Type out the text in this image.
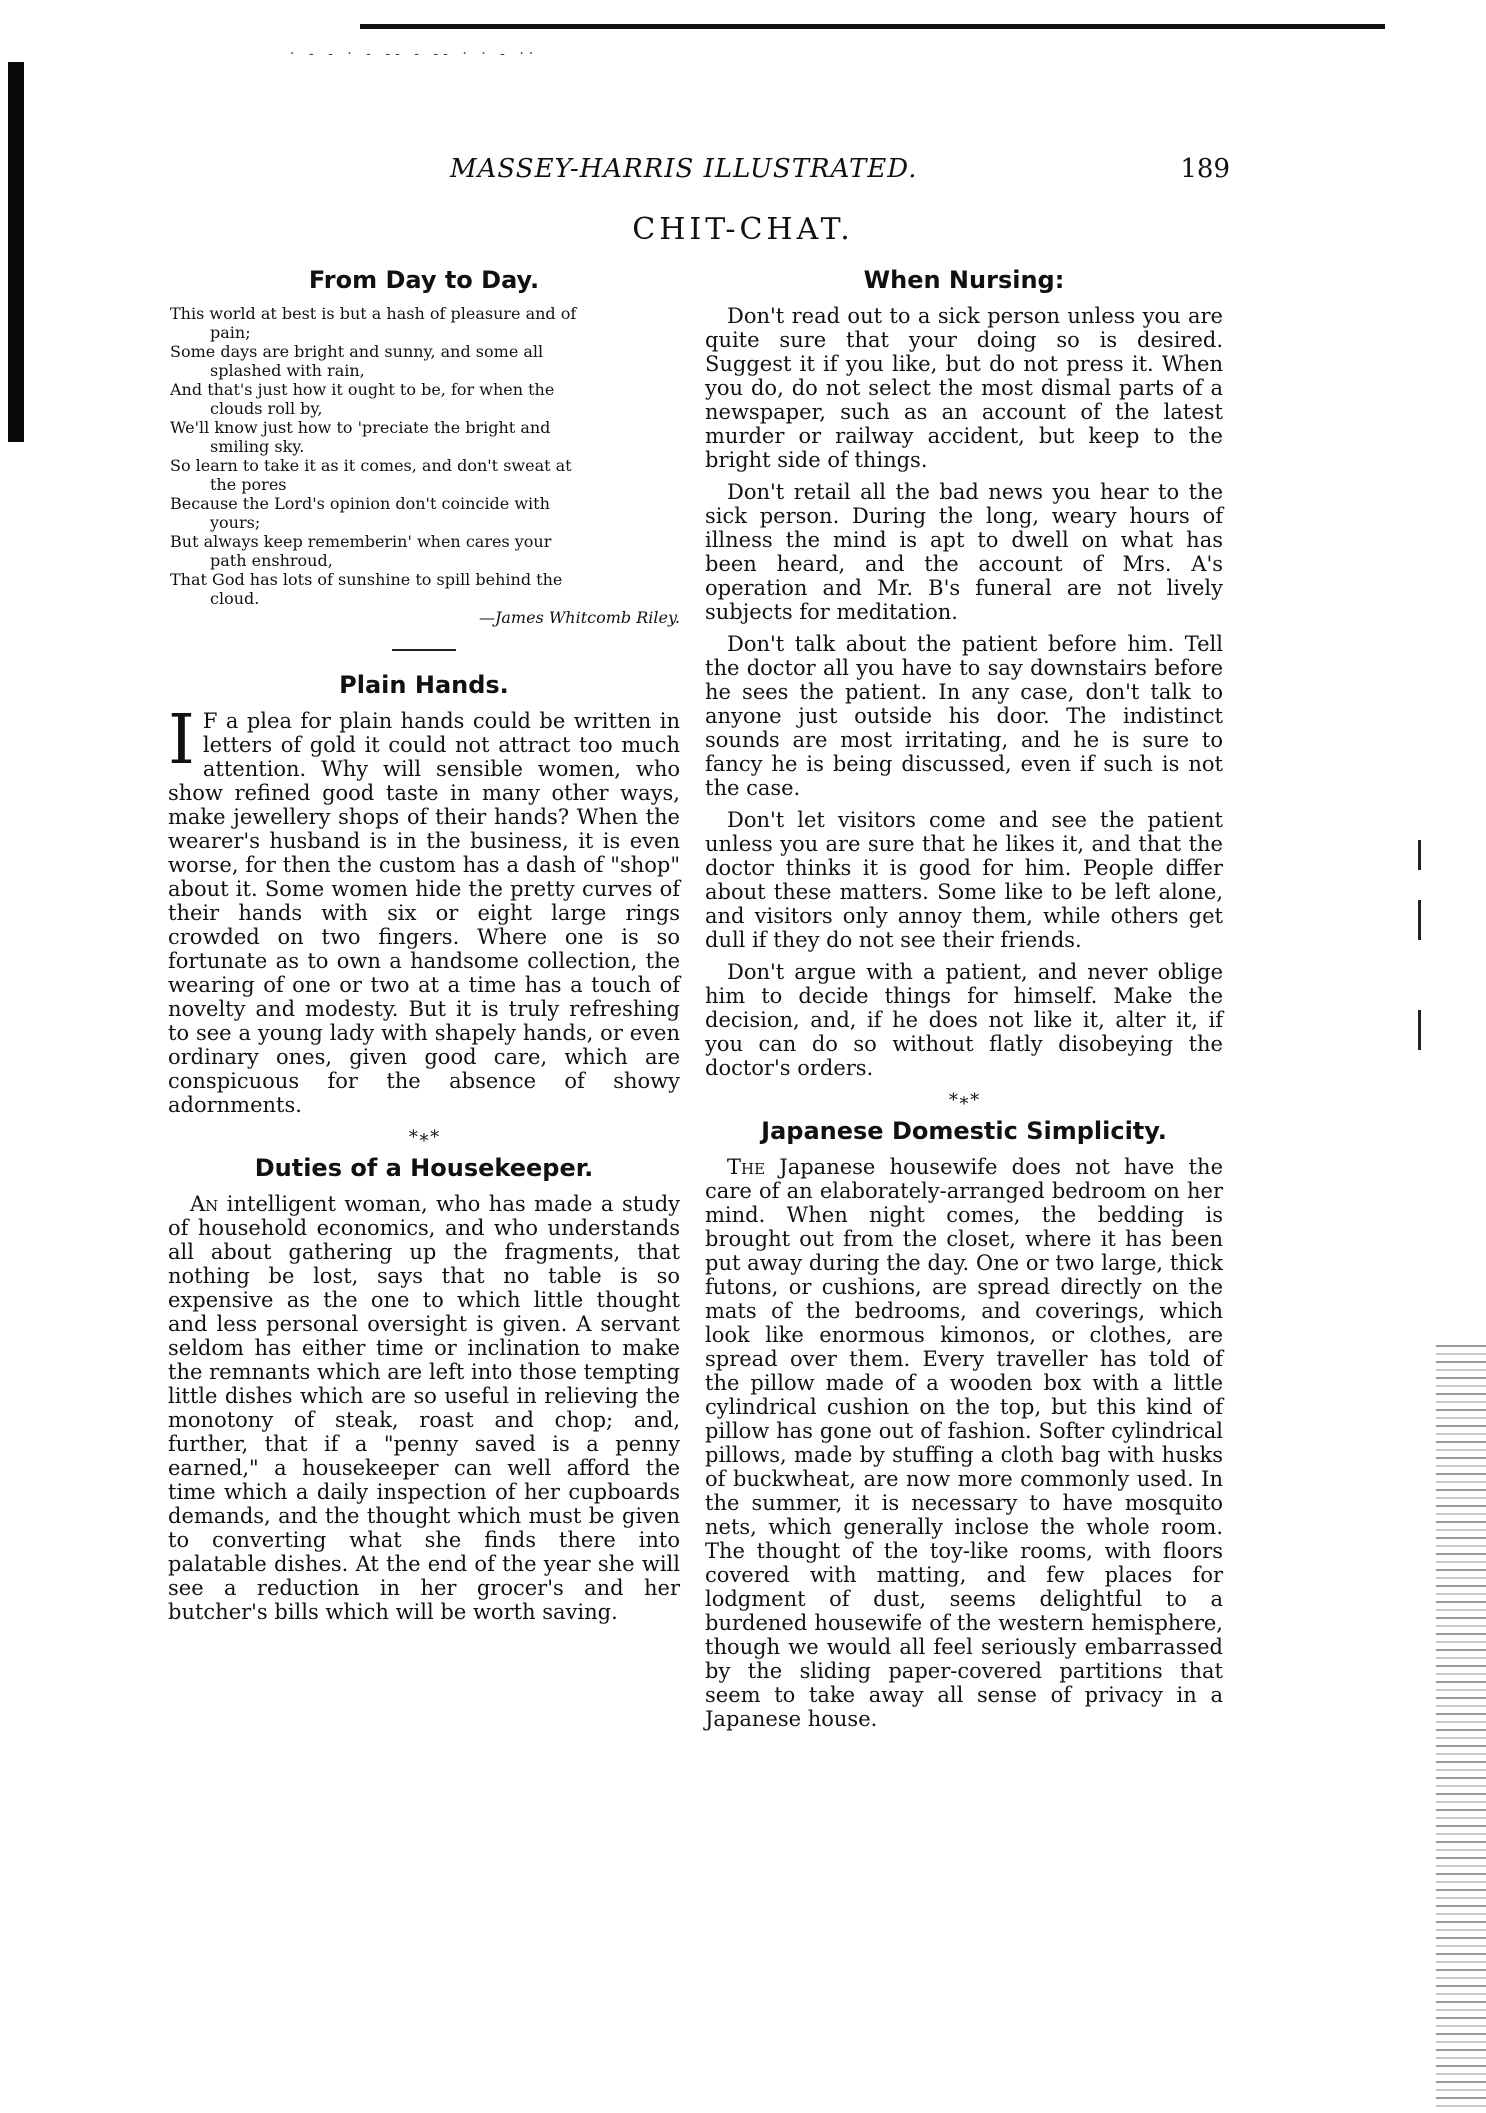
· - - · - -- - -- · · - ··
MASSEY-HARRIS ILLUSTRATED.	189
CHIT-CHAT.
From Day to Day.
This world at best is but a hash of pleasure and of
pain;
Some days are bright and sunny, and some all
splashed with rain,
And that's just how it ought to be, for when the
clouds roll by,
We'll know just how to 'preciate the bright and
smiling sky.
So learn to take it as it comes, and don't sweat at
the pores
Because the Lord's opinion don't coincide with
yours;
But always keep rememberin' when cares your
path enshroud,
That God has lots of sunshine to spill behind the
cloud.
—James Whitcomb Riley.
Plain Hands.

I F a plea for plain hands could be written in letters of gold it could not attract too much attention. Why will sensible women, who show refined good taste in many other ways, make jewellery shops of their hands? When the wearer's husband is in the business, it is even worse, for then the custom has a dash of "shop" about it. Some women hide the pretty curves of their hands with six or eight large rings crowded on two fingers. Where one is so fortunate as to own a handsome collection, the wearing of one or two at a time has a touch of novelty and modesty. But it is truly refreshing to see a young lady with shapely hands, or even ordinary ones, given good care, which are conspicuous for the absence of showy adornments.

*∗*
Duties of a Housekeeper.

An intelligent woman, who has made a study of household economics, and who understands all about gathering up the fragments, that nothing be lost, says that no table is so expensive as the one to which little thought and less personal oversight is given. A servant seldom has either time or inclination to make the remnants which are left into those tempting little dishes which are so useful in relieving the monotony of steak, roast and chop; and, further, that if a "penny saved is a penny earned," a housekeeper can well afford the time which a daily inspection of her cupboards demands, and the thought which must be given to converting what she finds there into palatable dishes. At the end of the year she will see a reduction in her grocer's and her butcher's bills which will be worth saving.

When Nursing:

Don't read out to a sick person unless you are quite sure that your doing so is desired. Suggest it if you like, but do not press it. When you do, do not select the most dismal parts of a newspaper, such as an account of the latest murder or railway accident, but keep to the bright side of things.

Don't retail all the bad news you hear to the sick person. During the long, weary hours of illness the mind is apt to dwell on what has been heard, and the account of Mrs. A's operation and Mr. B's funeral are not lively subjects for meditation.

Don't talk about the patient before him. Tell the doctor all you have to say downstairs before he sees the patient. In any case, don't talk to anyone just outside his door. The indistinct sounds are most irritating, and he is sure to fancy he is being discussed, even if such is not the case.

Don't let visitors come and see the patient unless you are sure that he likes it, and that the doctor thinks it is good for him. People differ about these matters. Some like to be left alone, and visitors only annoy them, while others get dull if they do not see their friends.

Don't argue with a patient, and never oblige him to decide things for himself. Make the decision, and, if he does not like it, alter it, if you can do so without flatly disobeying the doctor's orders.

*∗*
Japanese Domestic Simplicity.

The Japanese housewife does not have the care of an elaborately-arranged bedroom on her mind. When night comes, the bedding is brought out from the closet, where it has been put away during the day. One or two large, thick futons, or cushions, are spread directly on the mats of the bedrooms, and coverings, which look like enormous kimonos, or clothes, are spread over them. Every traveller has told of the pillow made of a wooden box with a little cylindrical cushion on the top, but this kind of pillow has gone out of fashion. Softer cylindrical pillows, made by stuffing a cloth bag with husks of buckwheat, are now more commonly used. In the summer, it is necessary to have mosquito nets, which generally inclose the whole room. The thought of the toy-like rooms, with floors covered with matting, and few places for lodgment of dust, seems delightful to a burdened housewife of the western hemisphere, though we would all feel seriously embarrassed by the sliding paper-covered partitions that seem to take away all sense of privacy in a Japanese house.
